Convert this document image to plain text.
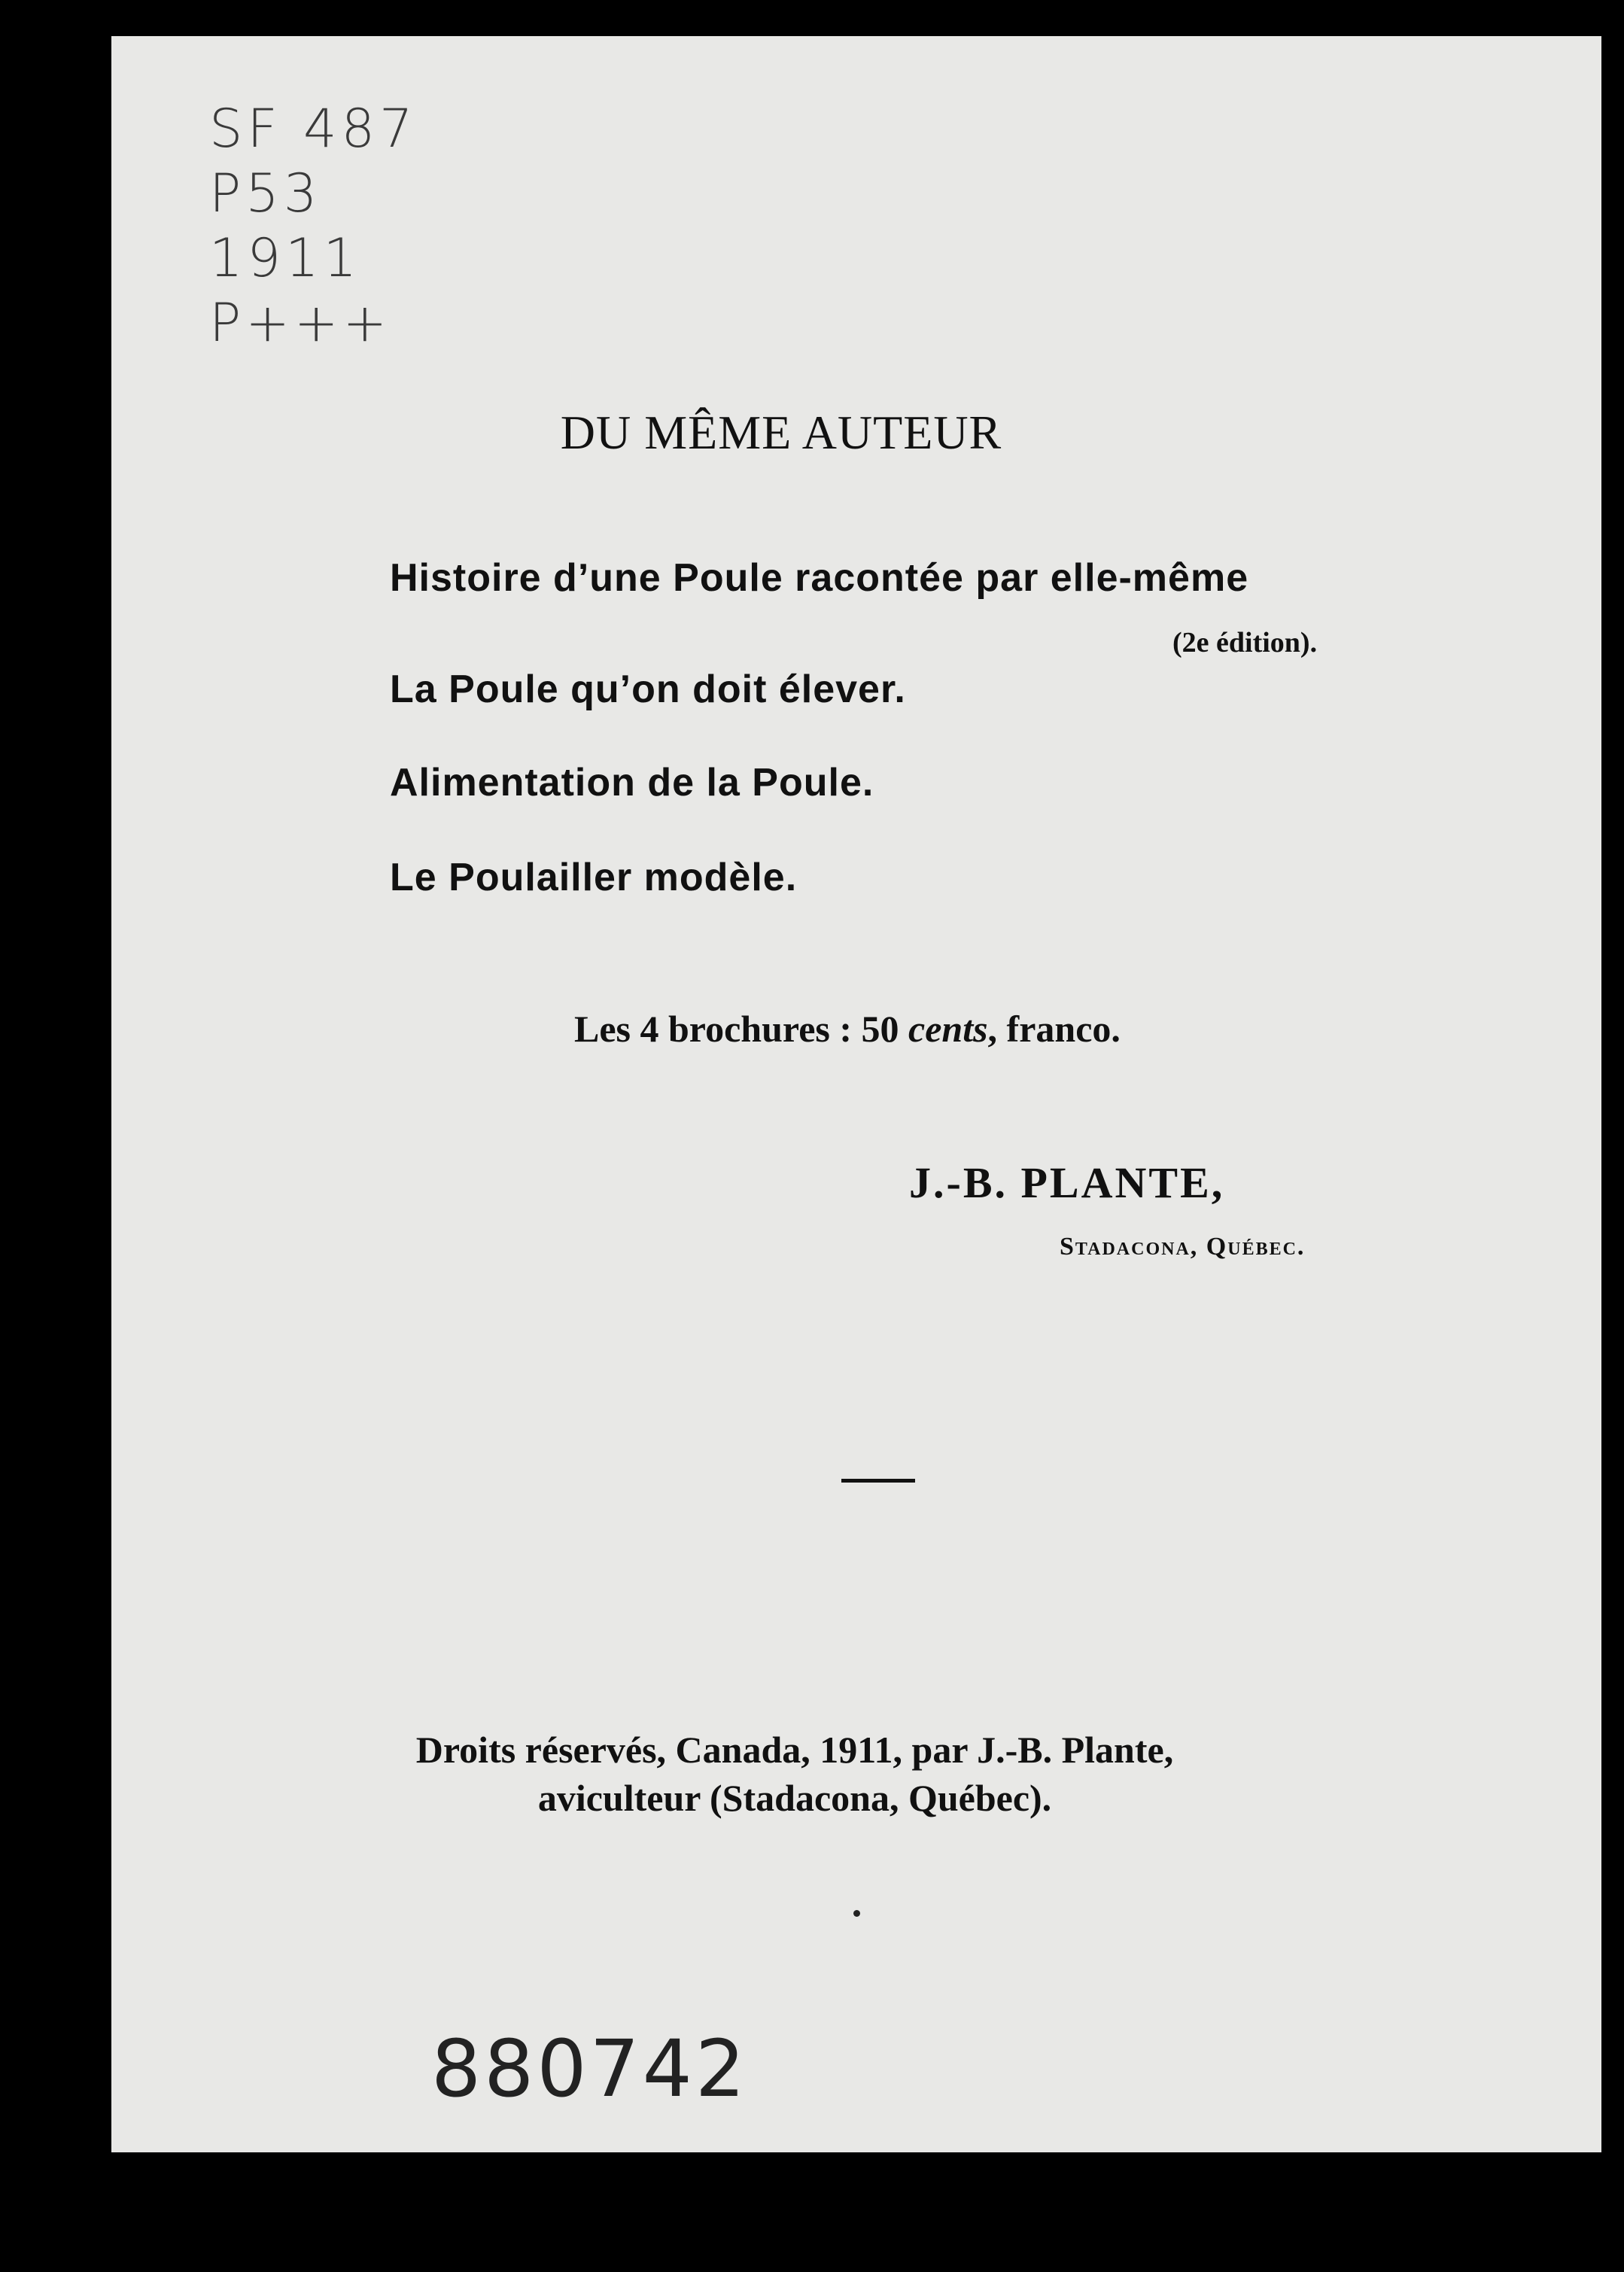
SF 487
P53
1911
P+++
DU MÊME AUTEUR
Histoire d’une Poule racontée par elle-même
(2e édition).
La Poule qu’on doit élever.
Alimentation de la Poule.
Le Poulailler modèle.
Les 4 brochures : 50 cents, franco.
J.-B. PLANTE,
Stadacona, Québec.
Droits réservés, Canada, 1911, par J.-B. Plante,
aviculteur (Stadacona, Québec).
880742
